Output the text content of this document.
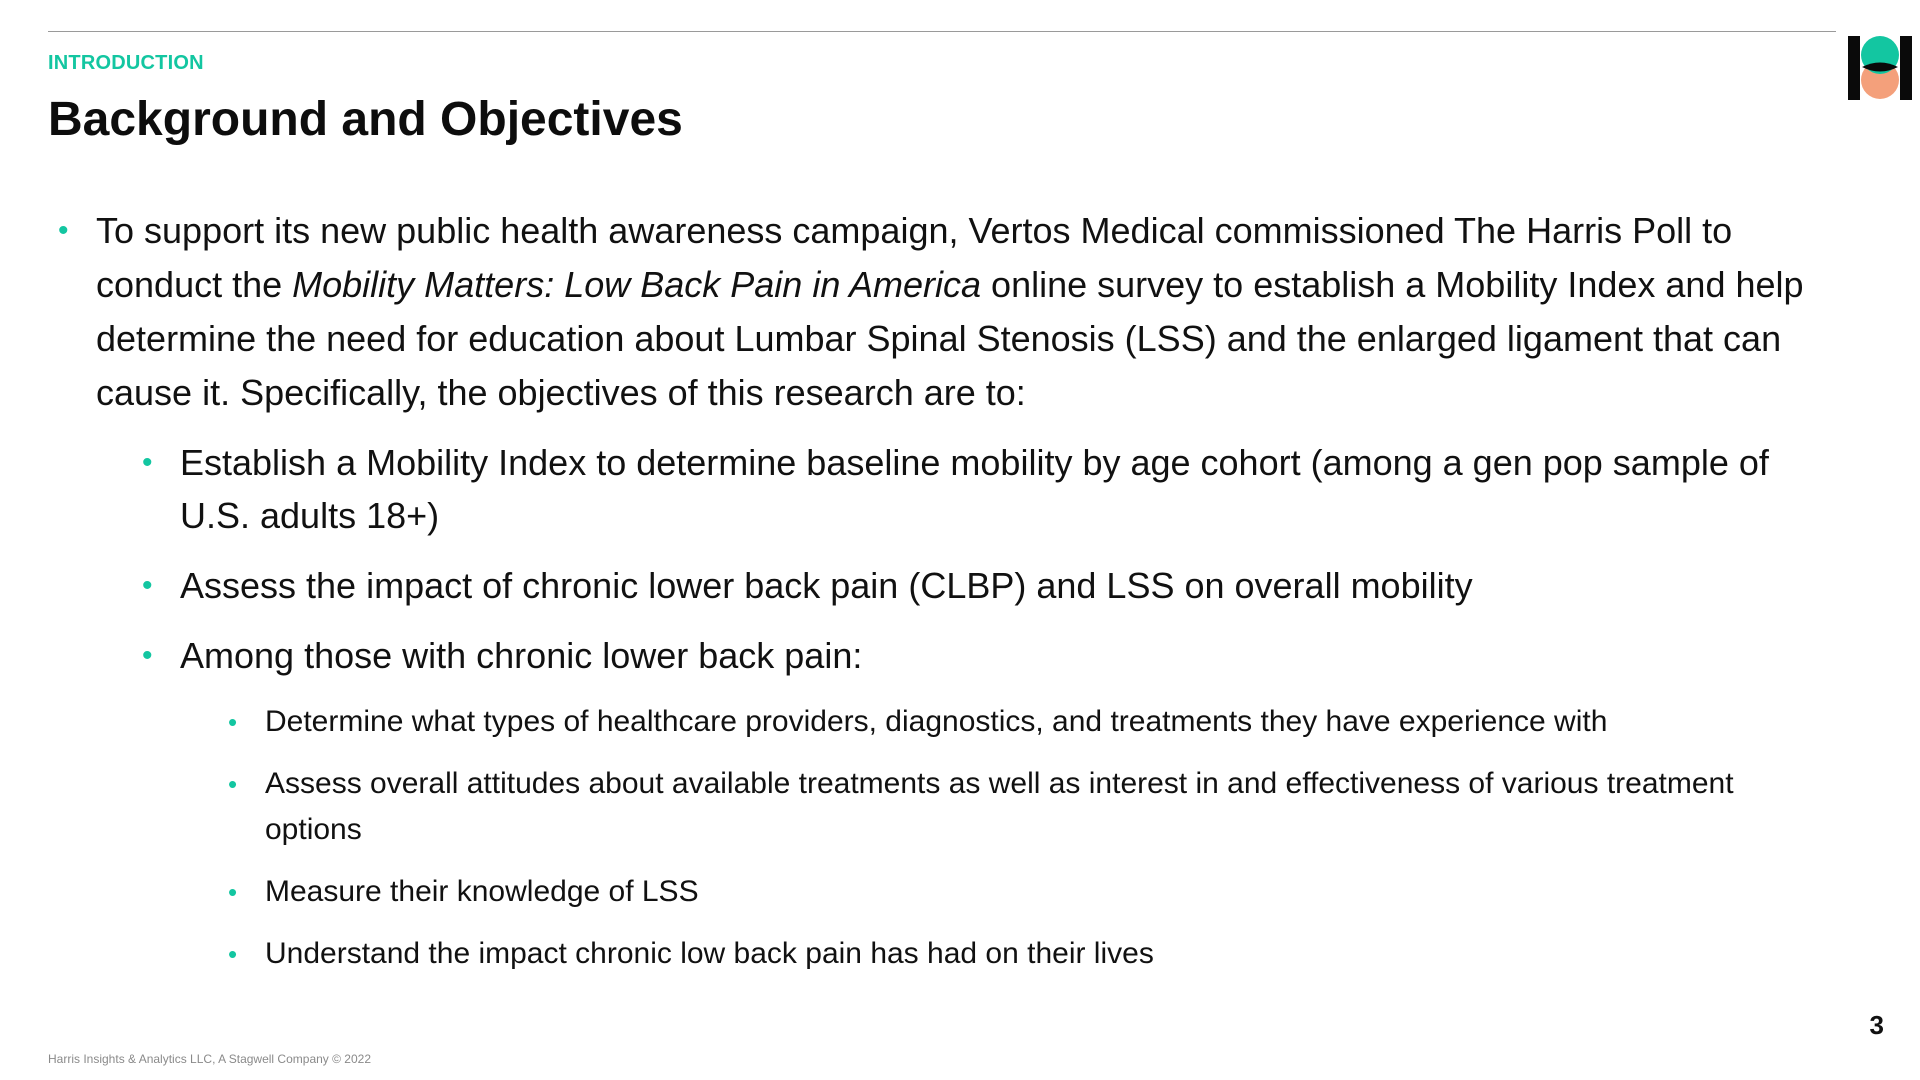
INTRODUCTION
Background and Objectives

• To support its new public health awareness campaign, Vertos Medical commissioned The Harris Poll to conduct the Mobility Matters: Low Back Pain in America online survey to establish a Mobility Index and help determine the need for education about Lumbar Spinal Stenosis (LSS) and the enlarged ligament that can cause it. Specifically, the objectives of this research are to:

• Establish a Mobility Index to determine baseline mobility by age cohort (among a gen pop sample of U.S. adults 18+)

• Assess the impact of chronic lower back pain (CLBP) and LSS on overall mobility

• Among those with chronic lower back pain:

• Determine what types of healthcare providers, diagnostics, and treatments they have experience with

• Assess overall attitudes about available treatments as well as interest in and effectiveness of various treatment options

• Measure their knowledge of LSS

• Understand the impact chronic low back pain has had on their lives

3
Harris Insights & Analytics LLC, A Stagwell Company © 2022
